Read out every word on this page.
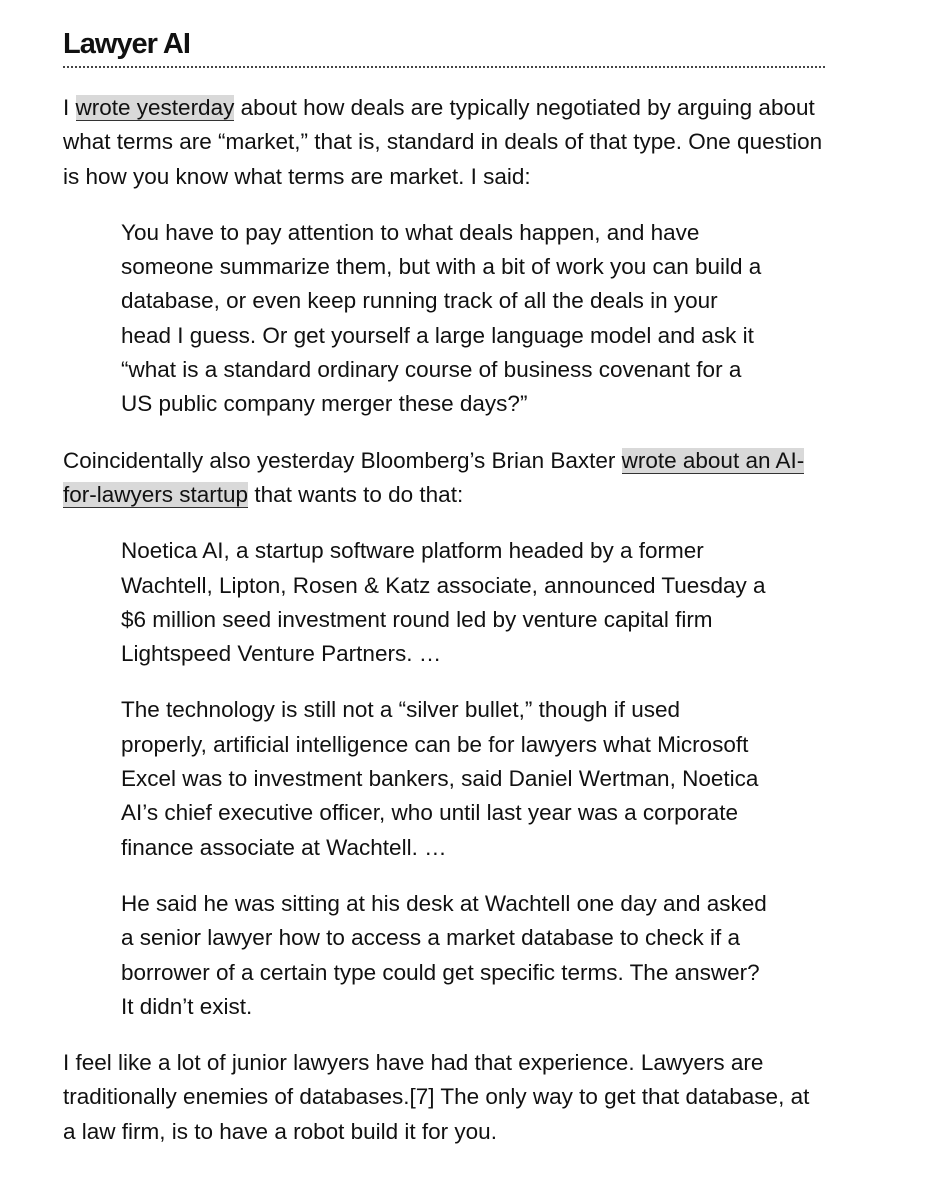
Lawyer AI

I wrote yesterday about how deals are typically negotiated by arguing about what terms are “market,” that is, standard in deals of that type. One question is how you know what terms are market. I said:

You have to pay attention to what deals happen, and have someone summarize them, but with a bit of work you can build a database, or even keep running track of all the deals in your head I guess. Or get yourself a large language model and ask it “what is a standard ordinary course of business covenant for a US public company merger these days?”

Coincidentally also yesterday Bloomberg’s Brian Baxter wrote about an AI-for-lawyers startup that wants to do that:

Noetica AI, a startup software platform headed by a former Wachtell, Lipton, Rosen & Katz associate, announced Tuesday a $6 million seed investment round led by venture capital firm Lightspeed Venture Partners. …

The technology is still not a “silver bullet,” though if used properly, artificial intelligence can be for lawyers what Microsoft Excel was to investment bankers, said Daniel Wertman, Noetica AI’s chief executive officer, who until last year was a corporate finance associate at Wachtell. …

He said he was sitting at his desk at Wachtell one day and asked a senior lawyer how to access a market database to check if a borrower of a certain type could get specific terms. The answer? It didn’t exist.

I feel like a lot of junior lawyers have had that experience. Lawyers are traditionally enemies of databases.[7] The only way to get that database, at a law firm, is to have a robot build it for you.
